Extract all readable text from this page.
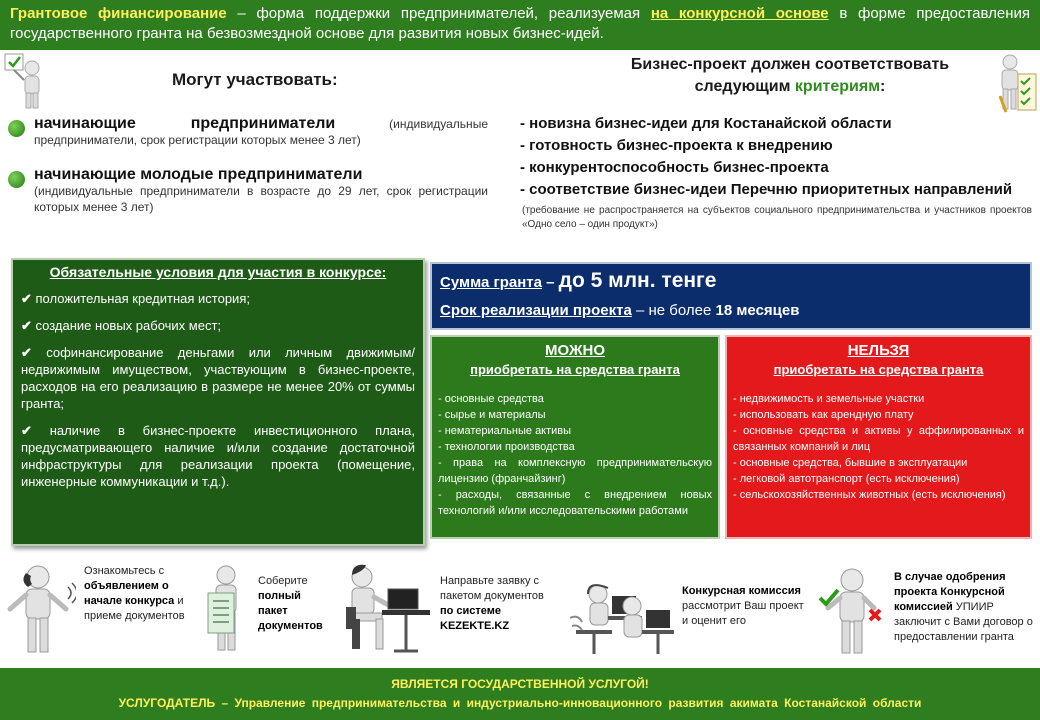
Грантовое финансирование – форма поддержки предпринимателей, реализуемая на конкурсной основе в форме предоставления государственного гранта на безвозмездной основе для развития новых бизнес-идей.
Могут участвовать:
начинающие предприниматели	(индивидуальные предприниматели, срок регистрации которых менее 3 лет)
начинающие молодые предприниматели
(индивидуальные предприниматели в возрасте до 29 лет, срок регистрации которых менее 3 лет)
Бизнес-проект должен соответствовать
следующим критериям:
- новизна бизнес-идеи для Костанайской области
- готовность бизнес-проекта к внедрению
- конкурентоспособность бизнес-проекта
- соответствие бизнес-идеи Перечню приоритетных направлений
(требование не распространяется на субъектов социального предпринимательства и участников проектов «Одно село – один продукт»)
Обязательные условия для участия в конкурсе:
✔ положительная кредитная история;
✔ создание новых рабочих мест;
✔ софинансирование деньгами или личным движимым/недвижимым имуществом, участвующим в бизнес-проекте, расходов на его реализацию в размере не менее 20% от суммы гранта;
✔ наличие в бизнес-проекте инвестиционного плана, предусматривающего наличие и/или создание достаточной инфраструктуры для реализации проекта (помещение, инженерные коммуникации и т.д.).
Сумма гранта – до 5 млн. тенге
Срок реализации проекта – не более 18 месяцев
МОЖНО
приобретать на средства гранта
- основные средства
- сырье и материалы
- нематериальные активы
- технологии производства
- права на комплексную предпринимательскую лицензию (франчайзинг)
- расходы, связанные с внедрением новых технологий и/или исследовательскими работами
НЕЛЬЗЯ
приобретать на средства гранта
- недвижимость и земельные участки
- использовать как арендную плату
- основные средства и активы у аффилированных и связанных компаний и лиц
- основные средства, бывшие в эксплуатации
- легковой автотранспорт (есть исключения)
- сельскохозяйственных животных (есть исключения)
Ознакомьтесь с объявлением о начале конкурса и приеме документов
Соберите полный пакет документов
Направьте заявку с пакетом документов по системе KEZEKTE.KZ
Конкурсная комиссия рассмотрит Ваш проект и оценит его
В случае одобрения проекта Конкурсной комиссией УПИИР заключит с Вами договор о предоставлении гранта
ЯВЛЯЕТСЯ ГОСУДАРСТВЕННОЙ УСЛУГОЙ!
УСЛУГОДАТЕЛЬ – Управление предпринимательства и индустриально-инновационного развития акимата Костанайской области
